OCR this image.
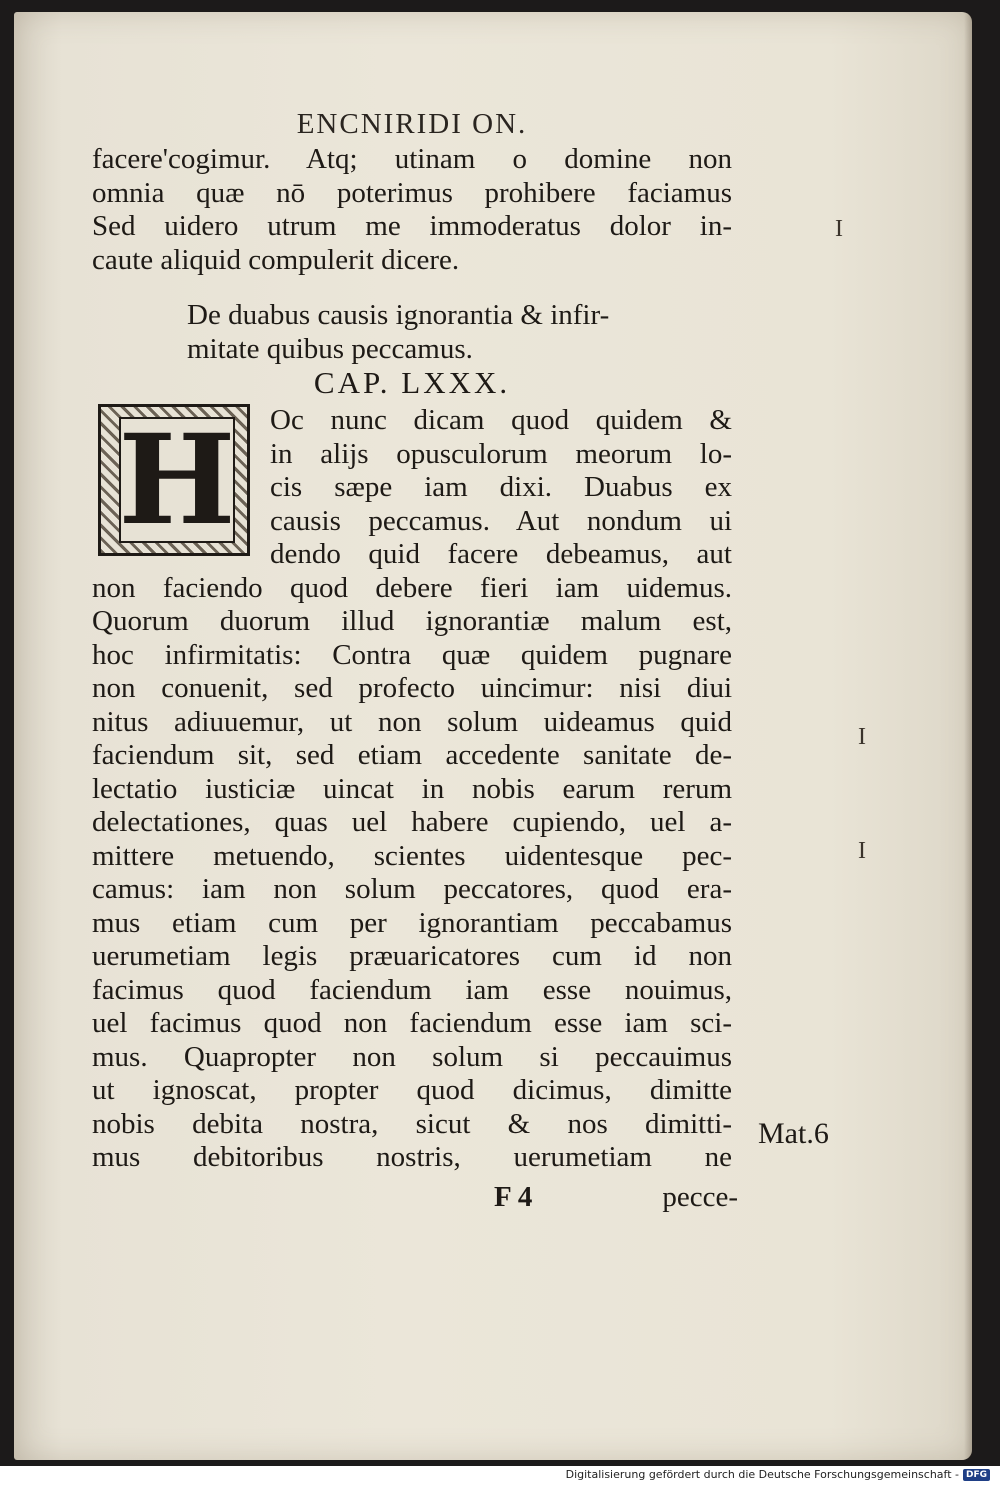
ENCNIRIDI ON.
facere'cogimur. Atq; utinam o domine non
omnia quæ nō poterimus prohibere faciamus
Sed uidero utrum me immoderatus dolor in-
caute aliquid compulerit dicere.
De duabus causis ignorantia & infir-
mitate quibus peccamus.
CAP. LXXX.
H	Oc nunc dicam quod quidem &
in alijs opusculorum meorum lo-
cis sæpe iam dixi. Duabus ex
causis peccamus. Aut nondum ui
dendo quid facere debeamus, aut
non faciendo quod debere fieri iam uidemus.
Quorum duorum illud ignorantiæ malum est,
hoc infirmitatis: Contra quæ quidem pugnare
non conuenit, sed profecto uincimur: nisi diui
nitus adiuuemur, ut non solum uideamus quid
faciendum sit, sed etiam accedente sanitate de-
lectatio iusticiæ uincat in nobis earum rerum
delectationes, quas uel habere cupiendo, uel a-
mittere metuendo, scientes uidentesque pec-
camus: iam non solum peccatores, quod era-
mus etiam cum per ignorantiam peccabamus
uerumetiam legis præuaricatores cum id non
facimus quod faciendum iam esse nouimus,
uel facimus quod non faciendum esse iam sci-
mus. Quapropter non solum si peccauimus
ut ignoscat, propter quod dicimus, dimitte
nobis debita nostra, sicut & nos dimitti-
mus debitoribus nostris, uerumetiam ne
F 4	pecce-
Mat.6
I
I
I
Digitalisierung gefördert durch die Deutsche Forschungsgemeinschaft - DFG
